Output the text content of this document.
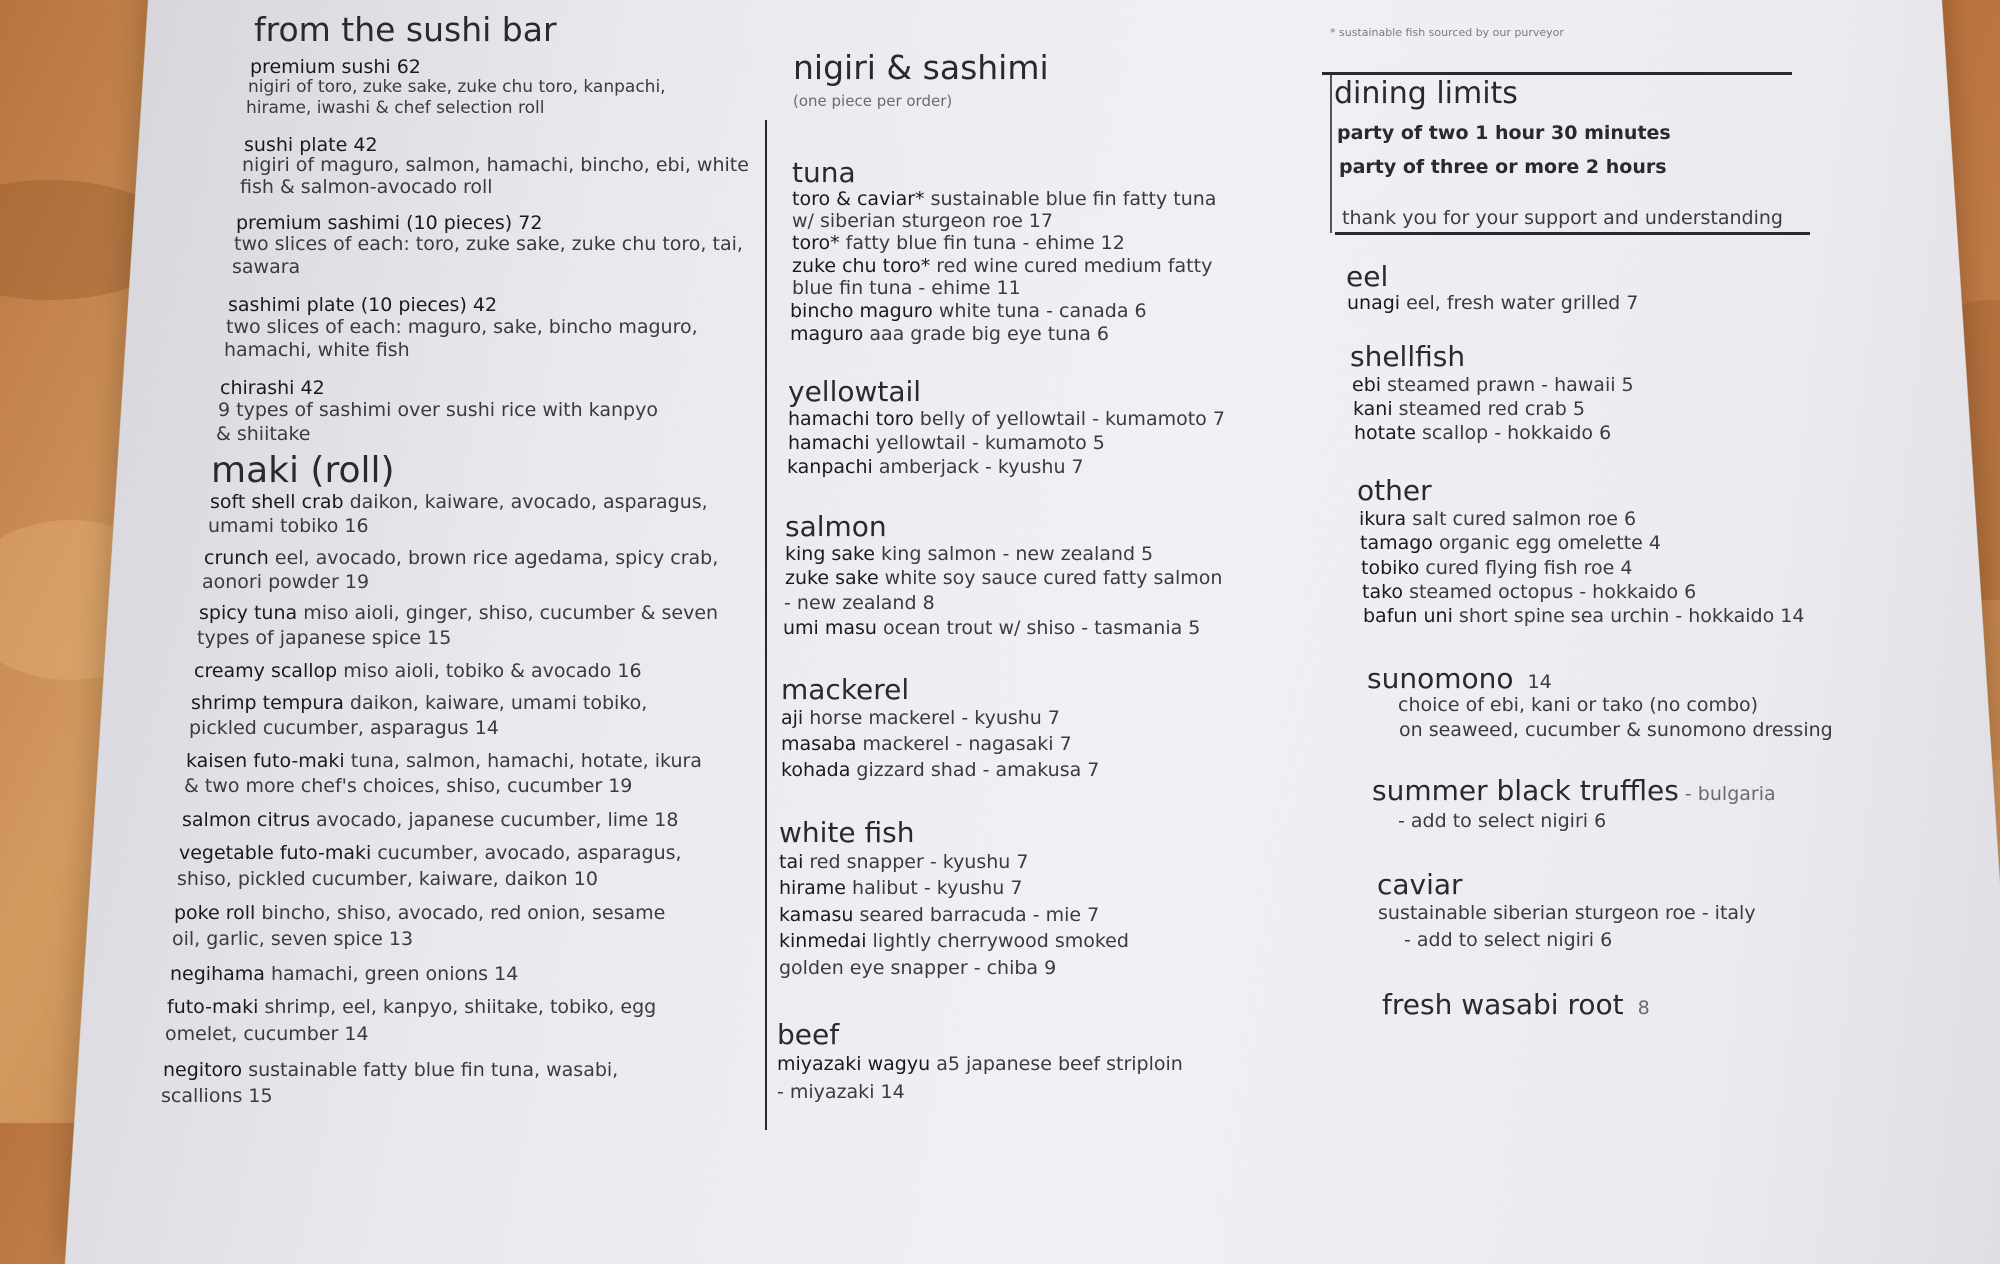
from the sushi bar
premium sushi 62
nigiri of toro, zuke sake, zuke chu toro, kanpachi,
hirame, iwashi & chef selection roll
sushi plate 42
nigiri of maguro, salmon, hamachi, bincho, ebi, white
fish & salmon-avocado roll
premium sashimi (10 pieces) 72
two slices of each: toro, zuke sake, zuke chu toro, tai,
sawara
sashimi plate (10 pieces) 42
two slices of each: maguro, sake, bincho maguro,
hamachi, white fish
chirashi 42
9 types of sashimi over sushi rice with kanpyo
& shiitake
maki (roll)
soft shell crab daikon, kaiware, avocado, asparagus,
umami tobiko 16
crunch eel, avocado, brown rice agedama, spicy crab,
aonori powder 19
spicy tuna miso aioli, ginger, shiso, cucumber & seven
types of japanese spice 15
creamy scallop miso aioli, tobiko & avocado 16
shrimp tempura daikon, kaiware, umami tobiko,
pickled cucumber, asparagus 14
kaisen futo-maki tuna, salmon, hamachi, hotate, ikura
& two more chef's choices, shiso, cucumber 19
salmon citrus avocado, japanese cucumber, lime 18
vegetable futo-maki cucumber, avocado, asparagus,
shiso, pickled cucumber, kaiware, daikon 10
poke roll bincho, shiso, avocado, red onion, sesame
oil, garlic, seven spice 13
negihama hamachi, green onions 14
futo-maki shrimp, eel, kanpyo, shiitake, tobiko, egg
omelet, cucumber 14
negitoro sustainable fatty blue fin tuna, wasabi,
scallions 15
nigiri & sashimi
(one piece per order)
tuna
toro & caviar* sustainable blue fin fatty tuna
w/ siberian sturgeon roe 17
toro* fatty blue fin tuna - ehime 12
zuke chu toro* red wine cured medium fatty
blue fin tuna - ehime 11
bincho maguro white tuna - canada 6
maguro aaa grade big eye tuna 6
yellowtail
hamachi toro belly of yellowtail - kumamoto 7
hamachi yellowtail - kumamoto 5
kanpachi amberjack - kyushu 7
salmon
king sake king salmon - new zealand 5
zuke sake white soy sauce cured fatty salmon
- new zealand 8
umi masu ocean trout w/ shiso - tasmania 5
mackerel
aji horse mackerel - kyushu 7
masaba mackerel - nagasaki 7
kohada gizzard shad - amakusa 7
white fish
tai red snapper - kyushu 7
hirame halibut - kyushu 7
kamasu seared barracuda - mie 7
kinmedai lightly cherrywood smoked
golden eye snapper - chiba 9
beef
miyazaki wagyu a5 japanese beef striploin
- miyazaki 14
* sustainable fish sourced by our purveyor
dining limits
party of two 1 hour 30 minutes
party of three or more 2 hours
thank you for your support and understanding
eel
unagi eel, fresh water grilled 7
shellfish
ebi steamed prawn - hawaii 5
kani steamed red crab 5
hotate scallop - hokkaido 6
other
ikura salt cured salmon roe 6
tamago organic egg omelette 4
tobiko cured flying fish roe 4
tako steamed octopus - hokkaido 6
bafun uni short spine sea urchin - hokkaido 14
sunomono 14
choice of ebi, kani or tako (no combo)
on seaweed, cucumber & sunomono dressing
summer black truffles - bulgaria
- add to select nigiri 6
caviar
sustainable siberian sturgeon roe - italy
- add to select nigiri 6
fresh wasabi root 8
